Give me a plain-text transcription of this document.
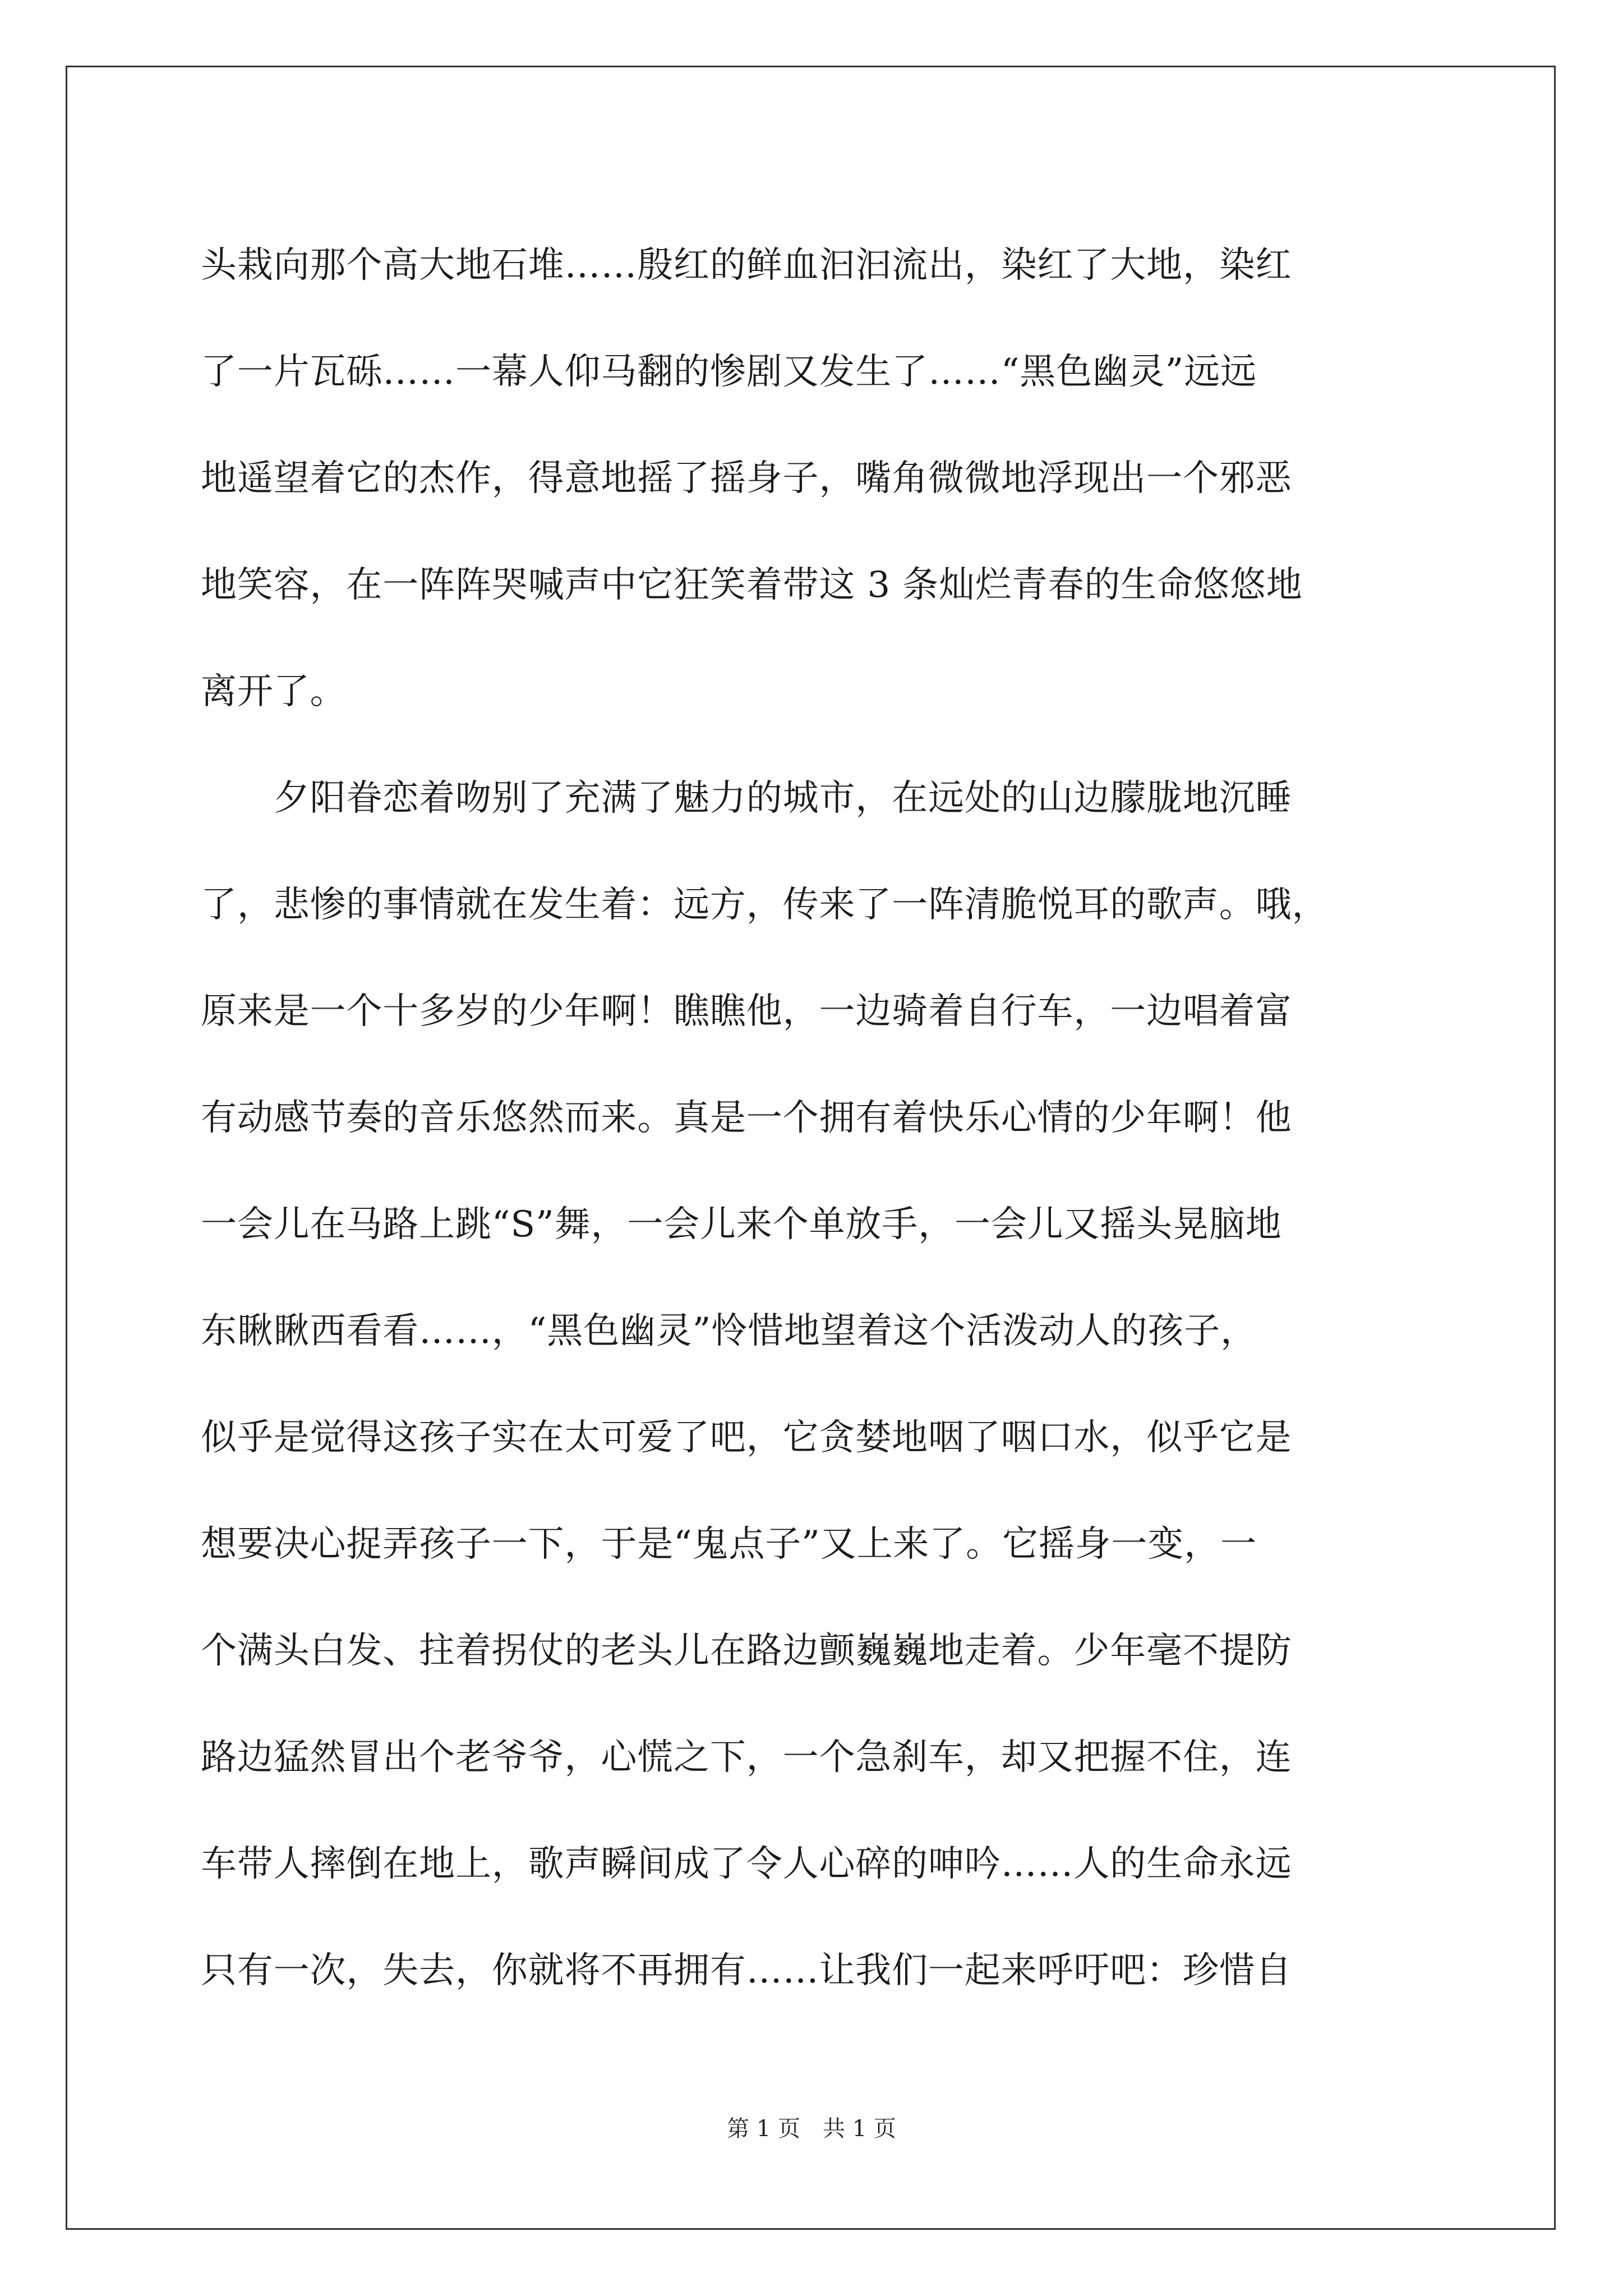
头栽向那个高大地石堆……殷红的鲜血汩汩流出，染红了大地，染红

了一片瓦砾……一幕人仰马翻的惨剧又发生了……“黑色幽灵”远远

地遥望着它的杰作，得意地摇了摇身子，嘴角微微地浮现出一个邪恶

地笑容，在一阵阵哭喊声中它狂笑着带这 3 条灿烂青春的生命悠悠地

离开了。

　　夕阳眷恋着吻别了充满了魅力的城市，在远处的山边朦胧地沉睡

了，悲惨的事情就在发生着：远方，传来了一阵清脆悦耳的歌声。哦，

原来是一个十多岁的少年啊！瞧瞧他，一边骑着自行车，一边唱着富

有动感节奏的音乐悠然而来。真是一个拥有着快乐心情的少年啊！他

一会儿在马路上跳“S”舞，一会儿来个单放手，一会儿又摇头晃脑地

东瞅瞅西看看……，“黑色幽灵”怜惜地望着这个活泼动人的孩子，

似乎是觉得这孩子实在太可爱了吧，它贪婪地咽了咽口水，似乎它是

想要决心捉弄孩子一下，于是“鬼点子”又上来了。它摇身一变，一

个满头白发、拄着拐仗的老头儿在路边颤巍巍地走着。少年毫不提防

路边猛然冒出个老爷爷，心慌之下，一个急刹车，却又把握不住，连

车带人摔倒在地上，歌声瞬间成了令人心碎的呻吟……人的生命永远

只有一次，失去，你就将不再拥有……让我们一起来呼吁吧：珍惜自

第 1 页 共 1 页
